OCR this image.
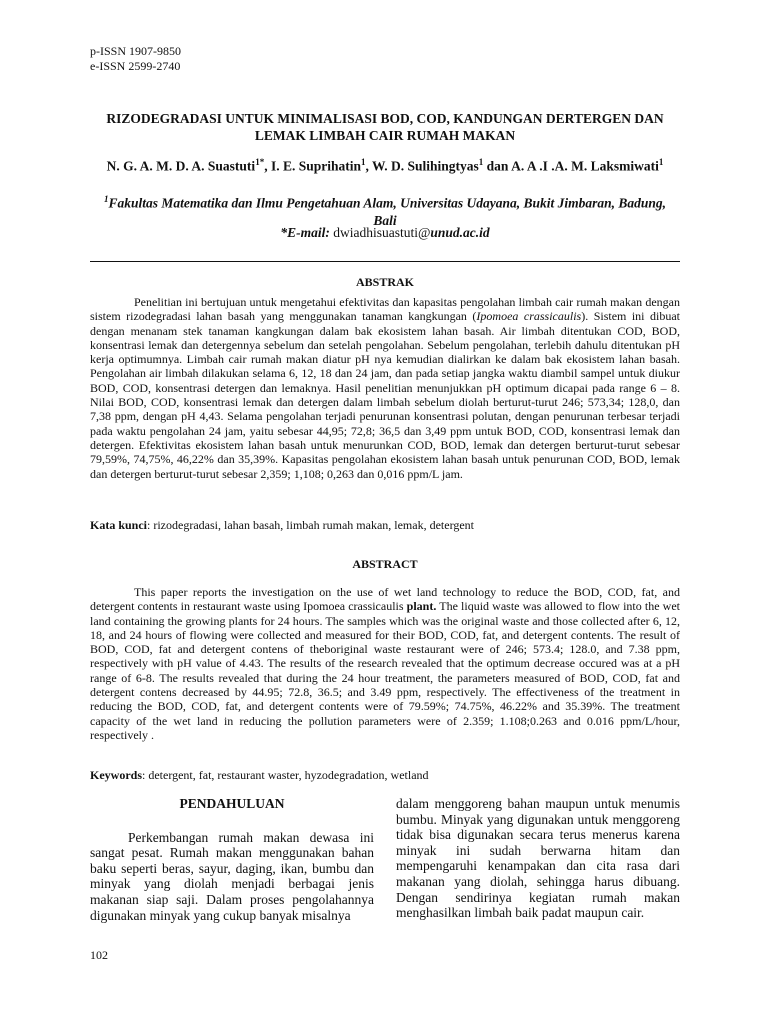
p-ISSN 1907-9850
e-ISSN 2599-2740
RIZODEGRADASI UNTUK MINIMALISASI BOD, COD, KANDUNGAN DERTERGEN DAN
LEMAK LIMBAH CAIR RUMAH MAKAN
N. G. A. M. D. A. Suastuti$^{1*}$, I. E. Suprihatin$^1$, W. D. Sulihingtyas$^1$ dan A. A .I .A. M. Laksmiwati$^1$
$^1$Fakultas Matematika dan Ilmu Pengetahuan Alam, Universitas Udayana, Bukit Jimbaran, Badung,
Bali
*E-mail: dwiadhisuastuti@unud.ac.id
ABSTRAK

Penelitian ini bertujuan untuk mengetahui efektivitas dan kapasitas pengolahan limbah cair rumah makan dengan sistem rizodegradasi lahan basah yang menggunakan tanaman kangkungan (Ipomoea crassicaulis). Sistem ini dibuat dengan menanam stek tanaman kangkungan dalam bak ekosistem lahan basah. Air limbah ditentukan COD, BOD, konsentrasi lemak dan detergennya sebelum dan setelah pengolahan. Sebelum pengolahan, terlebih dahulu ditentukan pH kerja optimumnya. Limbah cair rumah makan diatur pH nya kemudian dialirkan ke dalam bak ekosistem lahan basah. Pengolahan air limbah dilakukan selama 6, 12, 18 dan 24 jam, dan pada setiap jangka waktu diambil sampel untuk diukur BOD, COD, konsentrasi detergen dan lemaknya. Hasil penelitian menunjukkan pH optimum dicapai pada range 6 – 8. Nilai BOD, COD, konsentrasi lemak dan detergen dalam limbah sebelum diolah berturut-turut 246; 573,34; 128,0, dan 7,38 ppm, dengan pH 4,43. Selama pengolahan terjadi penurunan konsentrasi polutan, dengan penurunan terbesar terjadi pada waktu pengolahan 24 jam, yaitu sebesar 44,95; 72,8; 36,5 dan 3,49 ppm untuk BOD, COD, konsentrasi lemak dan detergen. Efektivitas ekosistem lahan basah untuk menurunkan COD, BOD, lemak dan detergen berturut-turut sebesar 79,59%, 74,75%, 46,22% dan 35,39%. Kapasitas pengolahan ekosistem lahan basah untuk penurunan COD, BOD, lemak dan detergen berturut-turut sebesar 2,359; 1,108; 0,263 dan 0,016 ppm/L jam.

Kata kunci: rizodegradasi, lahan basah, limbah rumah makan, lemak, detergent
ABSTRACT

This paper reports the investigation on the use of wet land technology to reduce the BOD, COD, fat, and detergent contents in restaurant waste using Ipomoea crassicaulis plant. The liquid waste was allowed to flow into the wet land containing the growing plants for 24 hours. The samples which was the original waste and those collected after 6, 12, 18, and 24 hours of flowing were collected and measured for their BOD, COD, fat, and detergent contents. The result of BOD, COD, fat and detergent contens of theboriginal waste restaurant were of 246; 573.4; 128.0, and 7.38 ppm, respectively with pH value of 4.43. The results of the research revealed that the optimum decrease occured was at a pH range of 6-8. The results revealed that during the 24 hour treatment, the parameters measured of BOD, COD, fat and detergent contens decreased by 44.95; 72.8, 36.5; and 3.49 ppm, respectively. The effectiveness of the treatment in reducing the BOD, COD, fat, and detergent contents were of 79.59%; 74.75%, 46.22% and 35.39%. The treatment capacity of the wet land in reducing the pollution parameters were of 2.359; 1.108;0.263 and 0.016 ppm/L/hour, respectively .

Keywords: detergent, fat, restaurant waster, hyzodegradation, wetland

PENDAHULUAN

Perkembangan rumah makan dewasa ini sangat pesat. Rumah makan menggunakan bahan baku seperti beras, sayur, daging, ikan, bumbu dan minyak yang diolah menjadi berbagai jenis makanan siap saji. Dalam proses pengolahannya digunakan minyak yang cukup banyak misalnya

dalam menggoreng bahan maupun untuk menumis bumbu. Minyak yang digunakan untuk menggoreng tidak bisa digunakan secara terus menerus karena minyak ini sudah berwarna hitam dan mempengaruhi kenampakan dan cita rasa dari makanan yang diolah, sehingga harus dibuang. Dengan sendirinya kegiatan rumah makan menghasilkan limbah baik padat maupun cair.

102
